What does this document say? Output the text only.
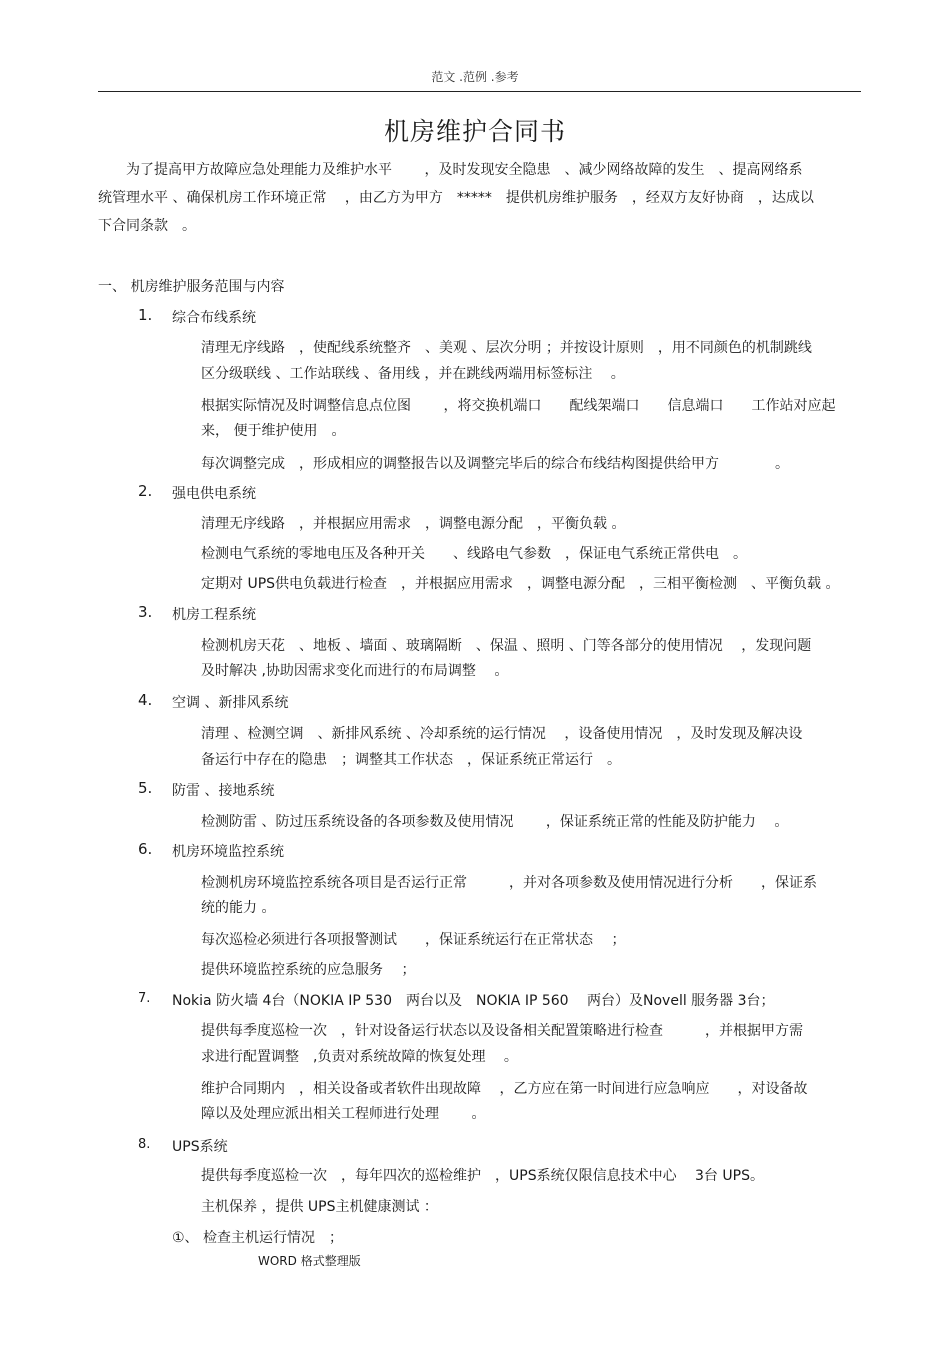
范文 .范例 .参考
机房维护合同书
为了提高甲方故障应急处理能力及维护水平　　 ，及时发现安全隐患　、减少网络故障的发生　、提高网络系
统管理水平 、确保机房工作环境正常　 ，由乙方为甲方　*****　提供机房维护服务　，经双方友好协商　，达成以
下合同条款　。
一、 机房维护服务范围与内容
1. 综合布线系统
清理无序线路　，使配线系统整齐　、美观 、层次分明 ；并按设计原则　，用不同颜色的机制跳线
区分级联线 、工作站联线 、备用线 ，并在跳线两端用标签标注　 。
根据实际情况及时调整信息点位图　　 ，将交换机端口　　配线架端口　　信息端口　　工作站对应起
来， 便于维护使用　。
每次调整完成　，形成相应的调整报告以及调整完毕后的综合布线结构图提供给甲方　　　　。
2. 强电供电系统
清理无序线路　，并根据应用需求　，调整电源分配　，平衡负载 。
检测电气系统的零地电压及各种开关　　、线路电气参数　，保证电气系统正常供电　。
定期对 UPS供电负载进行检查　，并根据应用需求　，调整电源分配　，三相平衡检测　、平衡负载 。
3. 机房工程系统
检测机房天花　、地板 、墙面 、玻璃隔断　、保温 、照明 、门等各部分的使用情况　 ，发现问题
及时解决 ,协助因需求变化而进行的布局调整　 。
4. 空调 、新排风系统
清理 、检测空调　、新排风系统 、冷却系统的运行情况　 ，设备使用情况　，及时发现及解决设
备运行中存在的隐患　；调整其工作状态　，保证系统正常运行　。
5. 防雷 、接地系统
检测防雷 、防过压系统设备的各项参数及使用情况　　 ，保证系统正常的性能及防护能力　 。
6. 机房环境监控系统
检测机房环境监控系统各项目是否运行正常　　　，并对各项参数及使用情况进行分析　　，保证系
统的能力 。
每次巡检必须进行各项报警测试　　，保证系统运行在正常状态　 ；
提供环境监控系统的应急服务　 ；
7. Nokia 防火墙 4台（NOKIA IP 530　两台以及　NOKIA IP 560　 两台）及Novell 服务器 3台；
提供每季度巡检一次　，针对设备运行状态以及设备相关配置策略进行检查　　　，并根据甲方需
求进行配置调整　,负责对系统故障的恢复处理　 。
维护合同期内　，相关设备或者软件出现故障　 ，乙方应在第一时间进行应急响应　　，对设备故
障以及处理应派出相关工程师进行处理　　 。
8. UPS系统
提供每季度巡检一次　，每年四次的巡检维护　，UPS系统仅限信息技术中心　 3台 UPS。
主机保养 ，提供 UPS主机健康测试 ：
①、 检查主机运行情况　；
WORD 格式整理版
